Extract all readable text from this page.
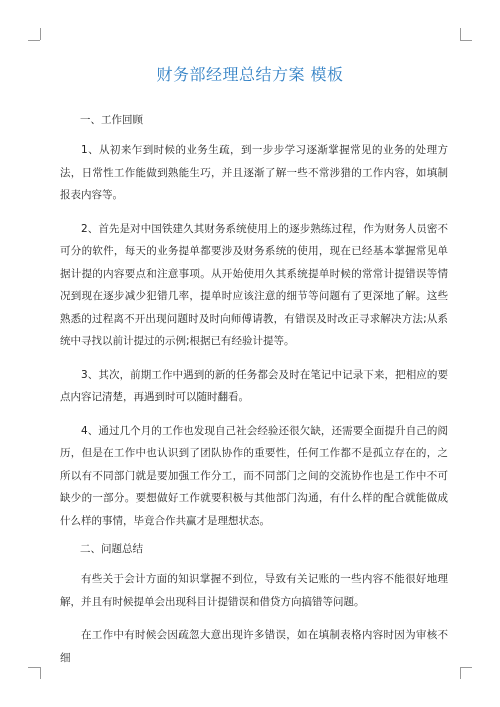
财务部经理总结方案 模板
一、工作回顾

1、从初来乍到时候的业务生疏，到一步步学习逐渐掌握常见的业务的处理方法，日常性工作能做到熟能生巧，并且逐渐了解一些不常涉猎的工作内容，如填制报表内容等。

2、首先是对中国铁建久其财务系统使用上的逐步熟练过程，作为财务人员密不可分的软件，每天的业务提单都要涉及财务系统的使用，现在已经基本掌握常见单据计提的内容要点和注意事项。从开始使用久其系统提单时候的常常计提错误等情况到现在逐步减少犯错几率，提单时应该注意的细节等问题有了更深地了解。这些熟悉的过程离不开出现问题时及时向师傅请教，有错误及时改正寻求解决方法;从系统中寻找以前计提过的示例;根据已有经验计提等。

3、其次，前期工作中遇到的新的任务都会及时在笔记中记录下来，把相应的要点内容记清楚，再遇到时可以随时翻看。

4、通过几个月的工作也发现自己社会经验还很欠缺，还需要全面提升自己的阅历，但是在工作中也认识到了团队协作的重要性，任何工作都不是孤立存在的，之所以有不同部门就是要加强工作分工，而不同部门之间的交流协作也是工作中不可缺少的一部分。要想做好工作就要积极与其他部门沟通，有什么样的配合就能做成什么样的事情，毕竟合作共赢才是理想状态。

二、问题总结

有些关于会计方面的知识掌握不到位，导致有关记账的一些内容不能很好地理解，并且有时候提单会出现科目计提错误和借贷方向搞错等问题。

在工作中有时候会因疏忽大意出现许多错误，如在填制表格内容时因为审核不细
